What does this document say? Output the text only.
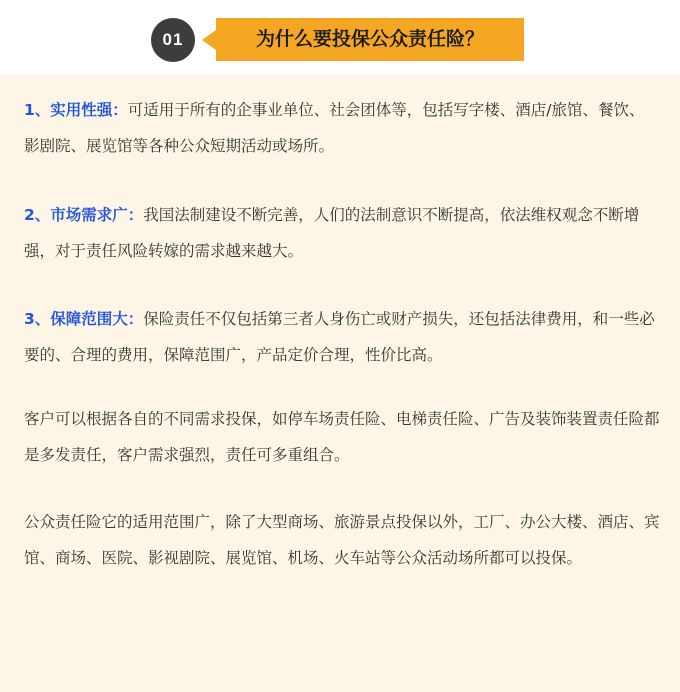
01	为什么要投保公众责任险？

1、实用性强：可适用于所有的企事业单位、社会团体等，包括写字楼、酒店/旅馆、餐饮、影剧院、展览馆等各种公众短期活动或场所。

2、市场需求广：我国法制建设不断完善，人们的法制意识不断提高，依法维权观念不断增强，对于责任风险转嫁的需求越来越大。

3、保障范围大：保险责任不仅包括第三者人身伤亡或财产损失，还包括法律费用，和一些必要的、合理的费用，保障范围广，产品定价合理，性价比高。

客户可以根据各自的不同需求投保，如停车场责任险、电梯责任险、广告及装饰装置责任险都是多发责任，客户需求强烈，责任可多重组合。

公众责任险它的适用范围广，除了大型商场、旅游景点投保以外，工厂、办公大楼、酒店、宾馆、商场、医院、影视剧院、展览馆、机场、火车站等公众活动场所都可以投保。
